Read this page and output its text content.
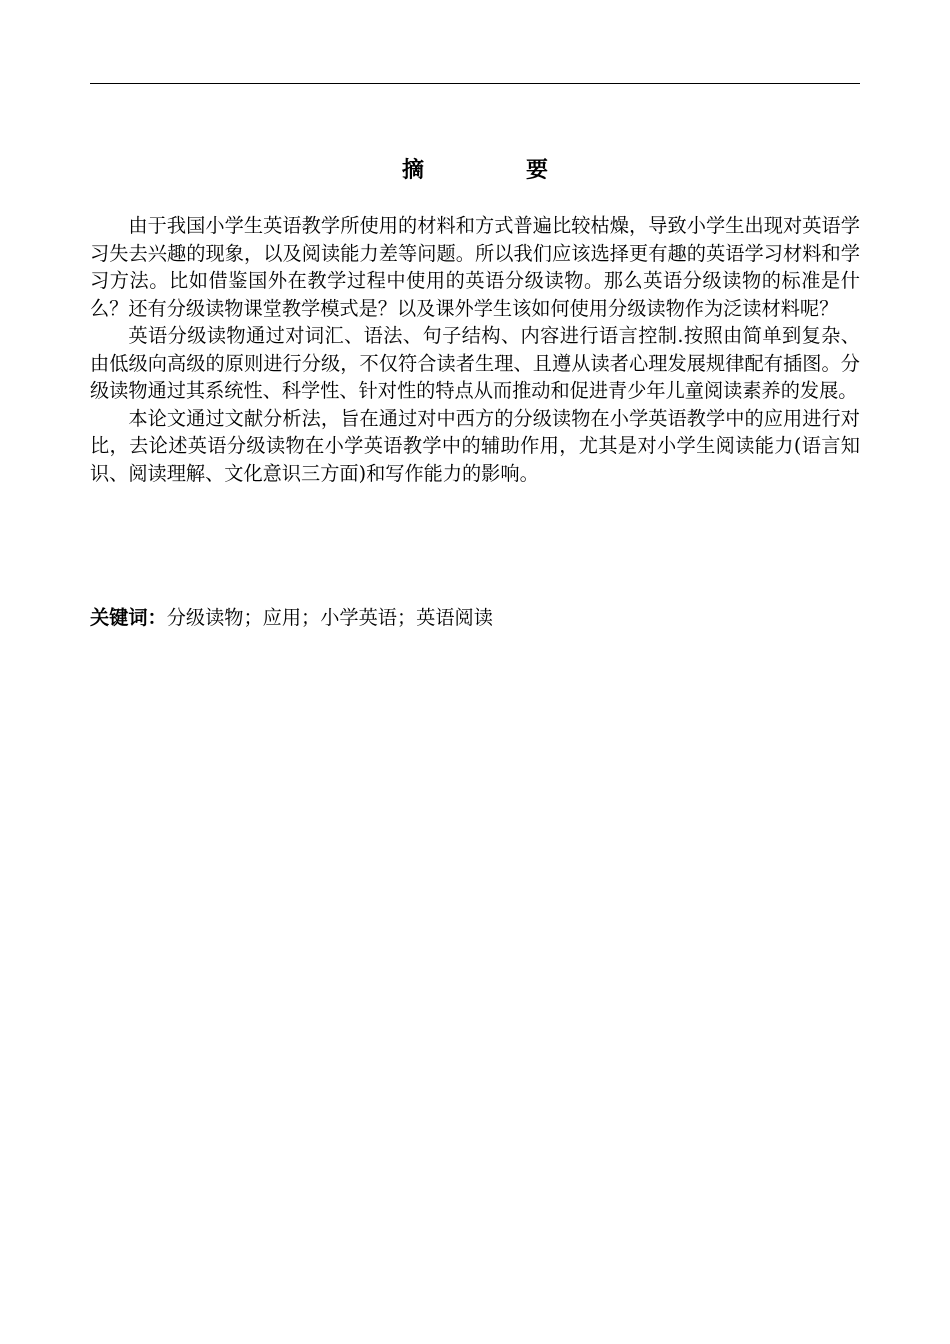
摘　要

由于我国小学生英语教学所使用的材料和方式普遍比较枯燥，导致小学生出现对英语学习失去兴趣的现象，以及阅读能力差等问题。所以我们应该选择更有趣的英语学习材料和学习方法。比如借鉴国外在教学过程中使用的英语分级读物。那么英语分级读物的标准是什么？还有分级读物课堂教学模式是？以及课外学生该如何使用分级读物作为泛读材料呢？

英语分级读物通过对词汇、语法、句子结构、内容进行语言控制.按照由简单到复杂、由低级向高级的原则进行分级，不仅符合读者生理、且遵从读者心理发展规律配有插图。分级读物通过其系统性、科学性、针对性的特点从而推动和促进青少年儿童阅读素养的发展。

本论文通过文献分析法，旨在通过对中西方的分级读物在小学英语教学中的应用进行对比，去论述英语分级读物在小学英语教学中的辅助作用，尤其是对小学生阅读能力(语言知识、阅读理解、文化意识三方面)和写作能力的影响。

关键词：分级读物；应用；小学英语；英语阅读
